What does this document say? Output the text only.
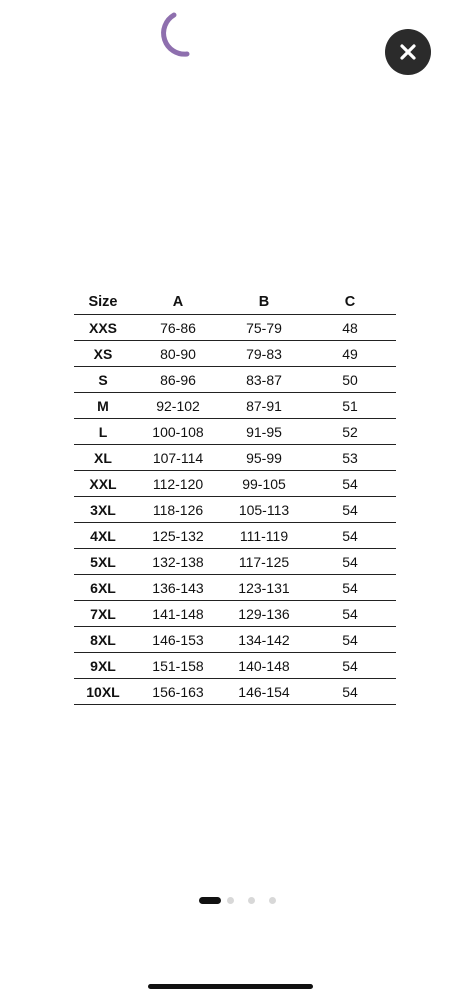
Size	A	B	C
XXS	76-86	75-79	48
XS	80-90	79-83	49
S	86-96	83-87	50
M	92-102	87-91	51
L	100-108	91-95	52
XL	107-114	95-99	53
XXL	112-120	99-105	54
3XL	118-126	105-113	54
4XL	125-132	111-119	54
5XL	132-138	117-125	54
6XL	136-143	123-131	54
7XL	141-148	129-136	54
8XL	146-153	134-142	54
9XL	151-158	140-148	54
10XL	156-163	146-154	54
